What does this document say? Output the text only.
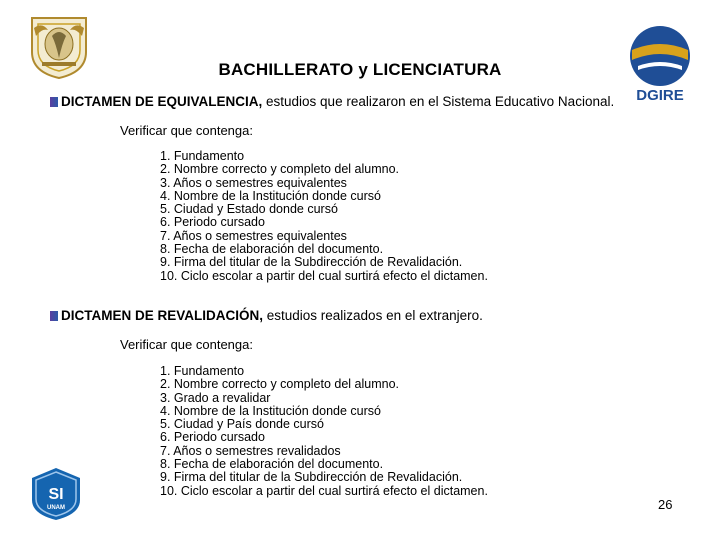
DGIRE
BACHILLERATO y LICENCIATURA
DICTAMEN DE EQUIVALENCIA, estudios que realizaron en el Sistema Educativo Nacional.
Verificar que contenga:
1. Fundamento
2. Nombre correcto y completo del alumno.
3. Años o semestres equivalentes
4. Nombre de la Institución donde cursó
5. Ciudad y Estado donde cursó
6. Periodo cursado
7. Años o semestres equivalentes
8. Fecha de elaboración del documento.
9. Firma del titular de la Subdirección de Revalidación.
10. Ciclo escolar a partir del cual surtirá efecto el dictamen.
DICTAMEN DE REVALIDACIÓN, estudios realizados en el extranjero.
Verificar que contenga:
1. Fundamento
2. Nombre correcto y completo del alumno.
3. Grado a revalidar
4. Nombre de la Institución donde cursó
5. Ciudad y País donde cursó
6. Periodo cursado
7. Años o semestres revalidados
8. Fecha de elaboración del documento.
9. Firma del titular de la Subdirección de Revalidación.
10. Ciclo escolar a partir del cual surtirá efecto el dictamen.
SI
UNAM	26
